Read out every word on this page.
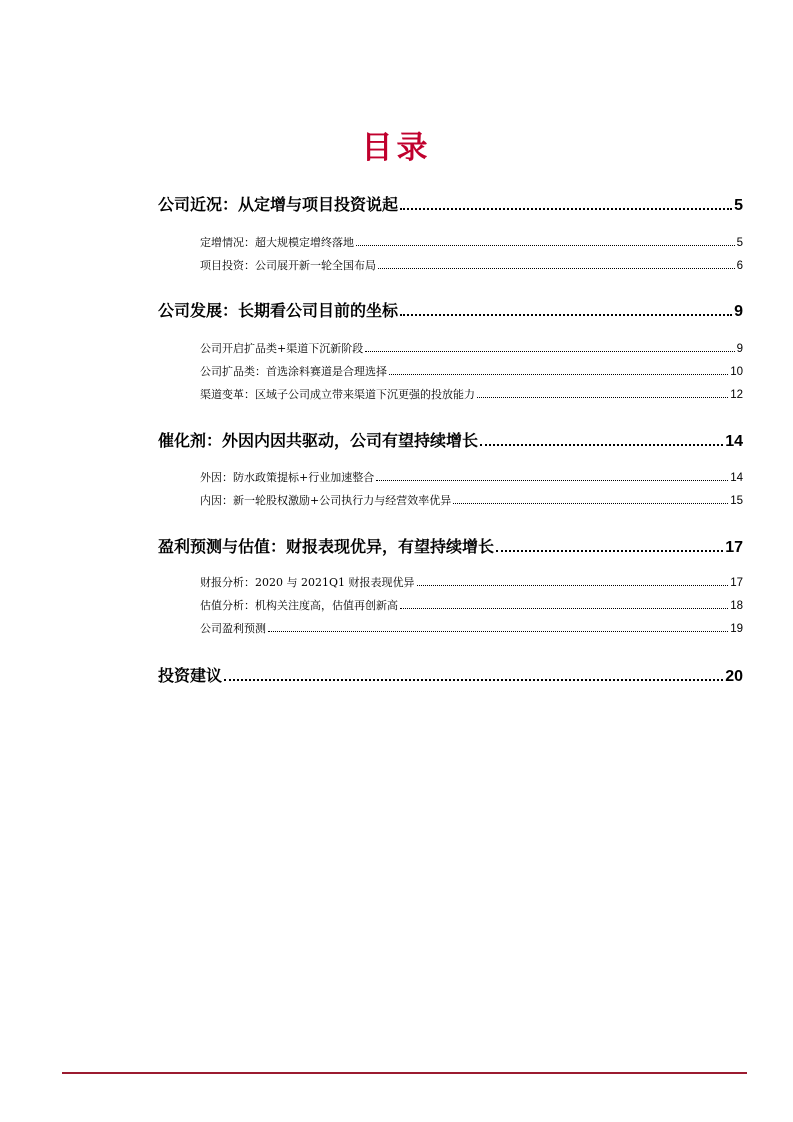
目录
公司近况：从定增与项目投资说起	5
定增情况：超大规模定增终落地	5
项目投资：公司展开新一轮全国布局	6
公司发展：长期看公司目前的坐标	9
公司开启扩品类+渠道下沉新阶段	9
公司扩品类：首选涂料赛道是合理选择	10
渠道变革：区域子公司成立带来渠道下沉更强的投放能力	12
催化剂：外因内因共驱动，公司有望持续增长	14
外因：防水政策提标+行业加速整合	14
内因：新一轮股权激励+公司执行力与经营效率优异	15
盈利预测与估值：财报表现优异，有望持续增长	17
财报分析：2020 与 2021Q1 财报表现优异	17
估值分析：机构关注度高，估值再创新高	18
公司盈利预测	19
投资建议	20
